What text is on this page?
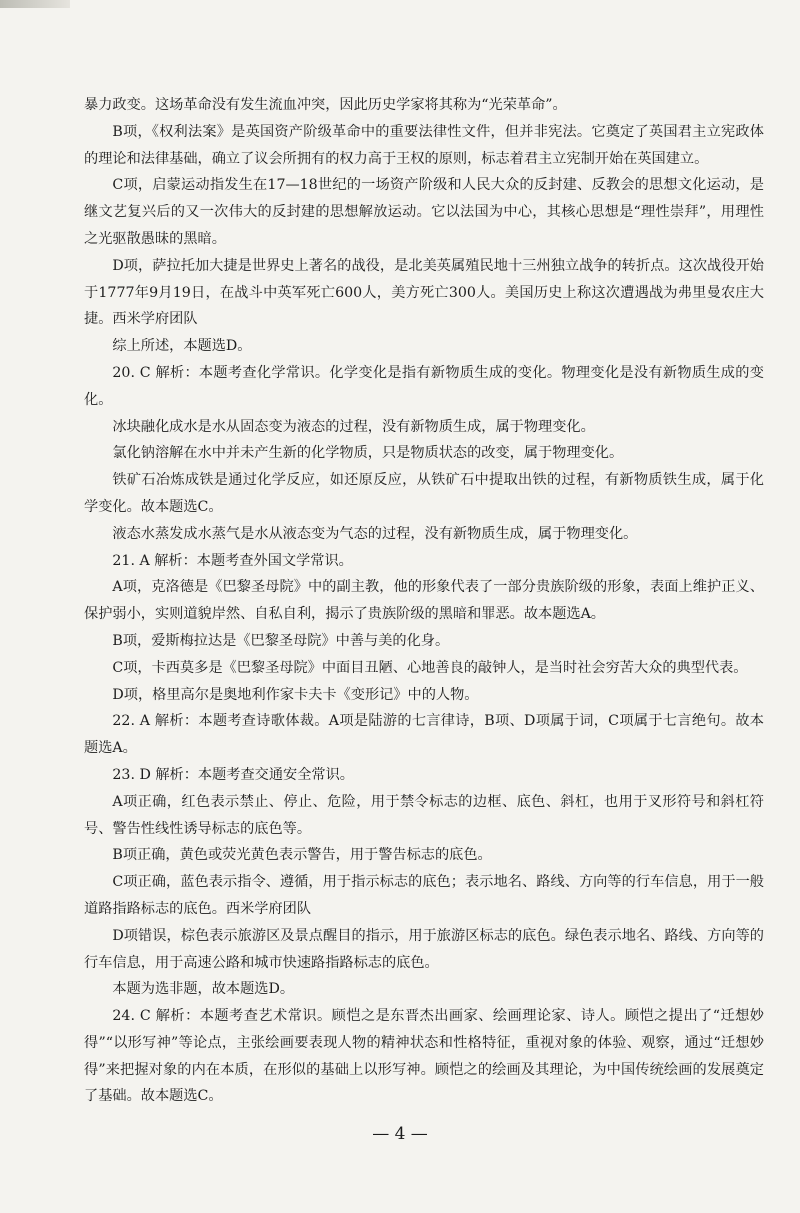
暴力政变。这场革命没有发生流血冲突，因此历史学家将其称为“光荣革命”。

B项，《权利法案》是英国资产阶级革命中的重要法律性文件，但并非宪法。它奠定了英国君主立宪政体的理论和法律基础，确立了议会所拥有的权力高于王权的原则，标志着君主立宪制开始在英国建立。

C项，启蒙运动指发生在17—18世纪的一场资产阶级和人民大众的反封建、反教会的思想文化运动，是继文艺复兴后的又一次伟大的反封建的思想解放运动。它以法国为中心，其核心思想是“理性崇拜”，用理性之光驱散愚昧的黑暗。

D项，萨拉托加大捷是世界史上著名的战役，是北美英属殖民地十三州独立战争的转折点。这次战役开始于1777年9月19日，在战斗中英军死亡600人，美方死亡300人。美国历史上称这次遭遇战为弗里曼农庄大捷。西米学府团队

综上所述，本题选D。

20. C 解析：本题考查化学常识。化学变化是指有新物质生成的变化。物理变化是没有新物质生成的变化。

冰块融化成水是水从固态变为液态的过程，没有新物质生成，属于物理变化。

氯化钠溶解在水中并未产生新的化学物质，只是物质状态的改变，属于物理变化。

铁矿石冶炼成铁是通过化学反应，如还原反应，从铁矿石中提取出铁的过程，有新物质铁生成，属于化学变化。故本题选C。

液态水蒸发成水蒸气是水从液态变为气态的过程，没有新物质生成，属于物理变化。

21. A 解析：本题考查外国文学常识。

A项，克洛德是《巴黎圣母院》中的副主教，他的形象代表了一部分贵族阶级的形象，表面上维护正义、保护弱小，实则道貌岸然、自私自利，揭示了贵族阶级的黑暗和罪恶。故本题选A。

B项，爱斯梅拉达是《巴黎圣母院》中善与美的化身。

C项，卡西莫多是《巴黎圣母院》中面目丑陋、心地善良的敲钟人，是当时社会穷苦大众的典型代表。

D项，格里高尔是奥地利作家卡夫卡《变形记》中的人物。

22. A 解析：本题考查诗歌体裁。A项是陆游的七言律诗，B项、D项属于词，C项属于七言绝句。故本题选A。

23. D 解析：本题考查交通安全常识。

A项正确，红色表示禁止、停止、危险，用于禁令标志的边框、底色、斜杠，也用于叉形符号和斜杠符号、警告性线性诱导标志的底色等。

B项正确，黄色或荧光黄色表示警告，用于警告标志的底色。

C项正确，蓝色表示指令、遵循，用于指示标志的底色；表示地名、路线、方向等的行车信息，用于一般道路指路标志的底色。西米学府团队

D项错误，棕色表示旅游区及景点醒目的指示，用于旅游区标志的底色。绿色表示地名、路线、方向等的行车信息，用于高速公路和城市快速路指路标志的底色。

本题为选非题，故本题选D。

24. C 解析：本题考查艺术常识。顾恺之是东晋杰出画家、绘画理论家、诗人。顾恺之提出了“迁想妙得”“以形写神”等论点，主张绘画要表现人物的精神状态和性格特征，重视对象的体验、观察，通过“迁想妙得”来把握对象的内在本质，在形似的基础上以形写神。顾恺之的绘画及其理论，为中国传统绘画的发展奠定了基础。故本题选C。

— 4 —
